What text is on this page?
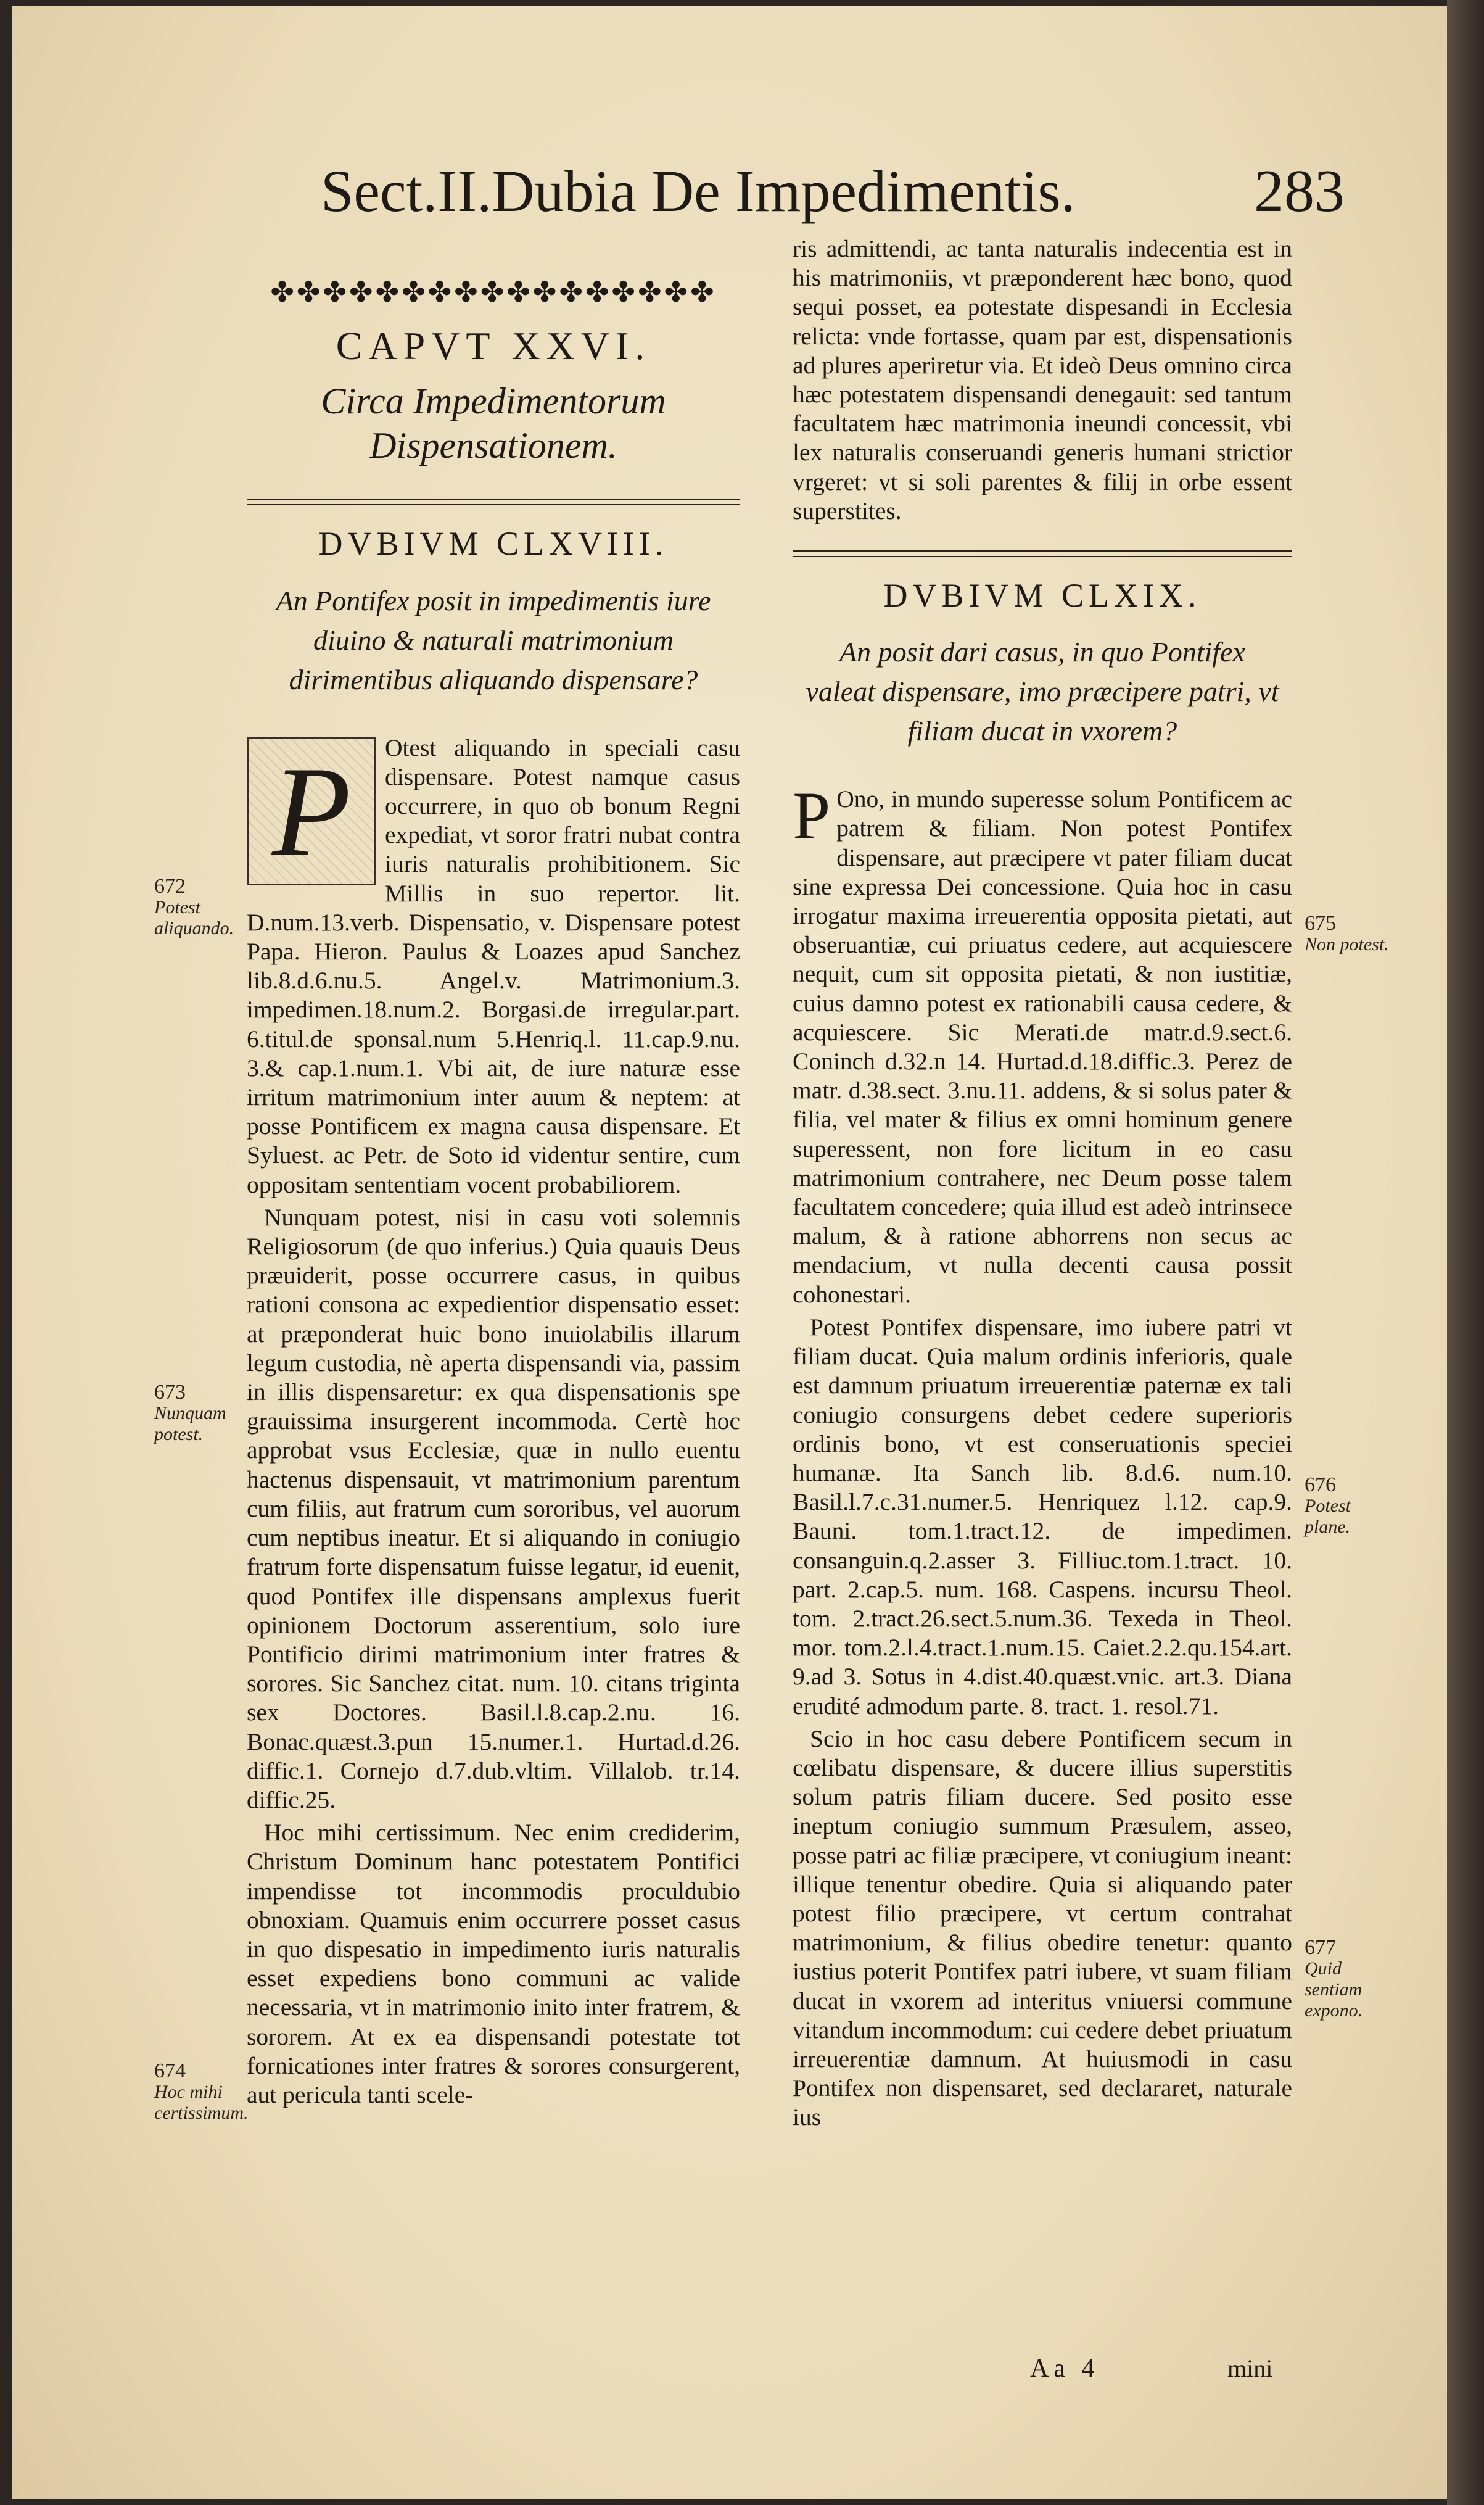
Sect.II.Dubia De Impedimentis.	283
✤✤✤✤✤✤✤✤✤✤✤✤✤✤✤✤✤
CAPVT XXVI.
Circa Impedimentorum Dispensationem.
DVBIVM CLXVIII.
An Pontifex posit in impedimentis iure diuino & naturali matrimonium dirimentibus aliquando dispensare?
P	Otest aliquando in speciali casu dispensare. Potest namque casus occurrere, in quo ob bonum Regni expediat, vt soror fratri nubat contra iuris naturalis prohibitionem. Sic Millis in suo repertor. lit. D.num.13.verb. Dispensatio, v. Dispensare potest Papa. Hieron. Paulus & Loazes apud Sanchez lib.8.d.6.nu.5. Angel.v. Matrimonium.3. impedimen.18.num.2. Borgasi.de irregular.part. 6.titul.de sponsal.num 5.Henriq.l. 11.cap.9.nu. 3.& cap.1.num.1. Vbi ait, de iure naturæ esse irritum matrimonium inter auum & neptem: at posse Pontificem ex magna causa dispensare. Et Syluest. ac Petr. de Soto id videntur sentire, cum oppositam sententiam vocent probabiliorem.
Nunquam potest, nisi in casu voti solemnis Religiosorum (de quo inferius.) Quia quauis Deus præuiderit, posse occurrere casus, in quibus rationi consona ac expedientior dispensatio esset: at præponderat huic bono inuiolabilis illarum legum custodia, nè aperta dispensandi via, passim in illis dispensaretur: ex qua dispensationis spe grauissima insurgerent incommoda. Certè hoc approbat vsus Ecclesiæ, quæ in nullo euentu hactenus dispensauit, vt matrimonium parentum cum filiis, aut fratrum cum sororibus, vel auorum cum neptibus ineatur. Et si aliquando in coniugio fratrum forte dispensatum fuisse legatur, id euenit, quod Pontifex ille dispensans amplexus fuerit opinionem Doctorum asserentium, solo iure Pontificio dirimi matrimonium inter fratres & sorores. Sic Sanchez citat. num. 10. citans triginta sex Doctores. Basil.l.8.cap.2.nu. 16. Bonac.quæst.3.pun 15.numer.1. Hurtad.d.26. diffic.1. Cornejo d.7.dub.vltim. Villalob. tr.14. diffic.25.
Hoc mihi certissimum. Nec enim crediderim, Christum Dominum hanc potestatem Pontifici impendisse tot incommodis proculdubio obnoxiam. Quamuis enim occurrere posset casus in quo dispesatio in impedimento iuris naturalis esset expediens bono communi ac valide necessaria, vt in matrimonio inito inter fratrem, & sororem. At ex ea dispensandi potestate tot fornicationes inter fratres & sorores consurgerent, aut pericula tanti scele-
ris admittendi, ac tanta naturalis indecentia est in his matrimoniis, vt præponderent hæc bono, quod sequi posset, ea potestate dispesandi in Ecclesia relicta: vnde fortasse, quam par est, dispensationis ad plures aperiretur via. Et ideò Deus omnino circa hæc potestatem dispensandi denegauit: sed tantum facultatem hæc matrimonia ineundi concessit, vbi lex naturalis conseruandi generis humani strictior vrgeret: vt si soli parentes & filij in orbe essent superstites.
DVBIVM CLXIX.
An posit dari casus, in quo Pontifex valeat dispensare, imo præcipere patri, vt filiam ducat in vxorem?
P Ono, in mundo superesse solum Pontificem ac patrem & filiam. Non potest Pontifex dispensare, aut præcipere vt pater filiam ducat sine expressa Dei concessione. Quia hoc in casu irrogatur maxima irreuerentia opposita pietati, aut obseruantiæ, cui priuatus cedere, aut acquiescere nequit, cum sit opposita pietati, & non iustitiæ, cuius damno potest ex rationabili causa cedere, & acquiescere. Sic Merati.de matr.d.9.sect.6. Coninch d.32.n 14. Hurtad.d.18.diffic.3. Perez de matr. d.38.sect. 3.nu.11. addens, & si solus pater & filia, vel mater & filius ex omni hominum genere superessent, non fore licitum in eo casu matrimonium contrahere, nec Deum posse talem facultatem concedere; quia illud est adeò intrinsece malum, & à ratione abhorrens non secus ac mendacium, vt nulla decenti causa possit cohonestari.
Potest Pontifex dispensare, imo iubere patri vt filiam ducat. Quia malum ordinis inferioris, quale est damnum priuatum irreuerentiæ paternæ ex tali coniugio consurgens debet cedere superioris ordinis bono, vt est conseruationis speciei humanæ. Ita Sanch lib. 8.d.6. num.10. Basil.l.7.c.31.numer.5. Henriquez l.12. cap.9. Bauni. tom.1.tract.12. de impedimen. consanguin.q.2.asser 3. Filliuc.tom.1.tract. 10. part. 2.cap.5. num. 168. Caspens. incursu Theol. tom. 2.tract.26.sect.5.num.36. Texeda in Theol. mor. tom.2.l.4.tract.1.num.15. Caiet.2.2.qu.154.art. 9.ad 3. Sotus in 4.dist.40.quæst.vnic. art.3. Diana erudité admodum parte. 8. tract. 1. resol.71.
Scio in hoc casu debere Pontificem secum in cœlibatu dispensare, & ducere illius superstitis solum patris filiam ducere. Sed posito esse ineptum coniugio summum Præsulem, asseo, posse patri ac filiæ præcipere, vt coniugium ineant: illique tenentur obedire. Quia si aliquando pater potest filio præcipere, vt certum contrahat matrimonium, & filius obedire tenetur: quanto iustius poterit Pontifex patri iubere, vt suam filiam ducat in vxorem ad interitus vniuersi commune vitandum incommodum: cui cedere debet priuatum irreuerentiæ damnum. At huiusmodi in casu Pontifex non dispensaret, sed declararet, naturale ius
672
Potest aliquando.
673
Nunquam potest.
674
Hoc mihi certissimum.
675
Non potest.
676
Potest plane.
677
Quid sentiam expono.
Aa 4	mini
